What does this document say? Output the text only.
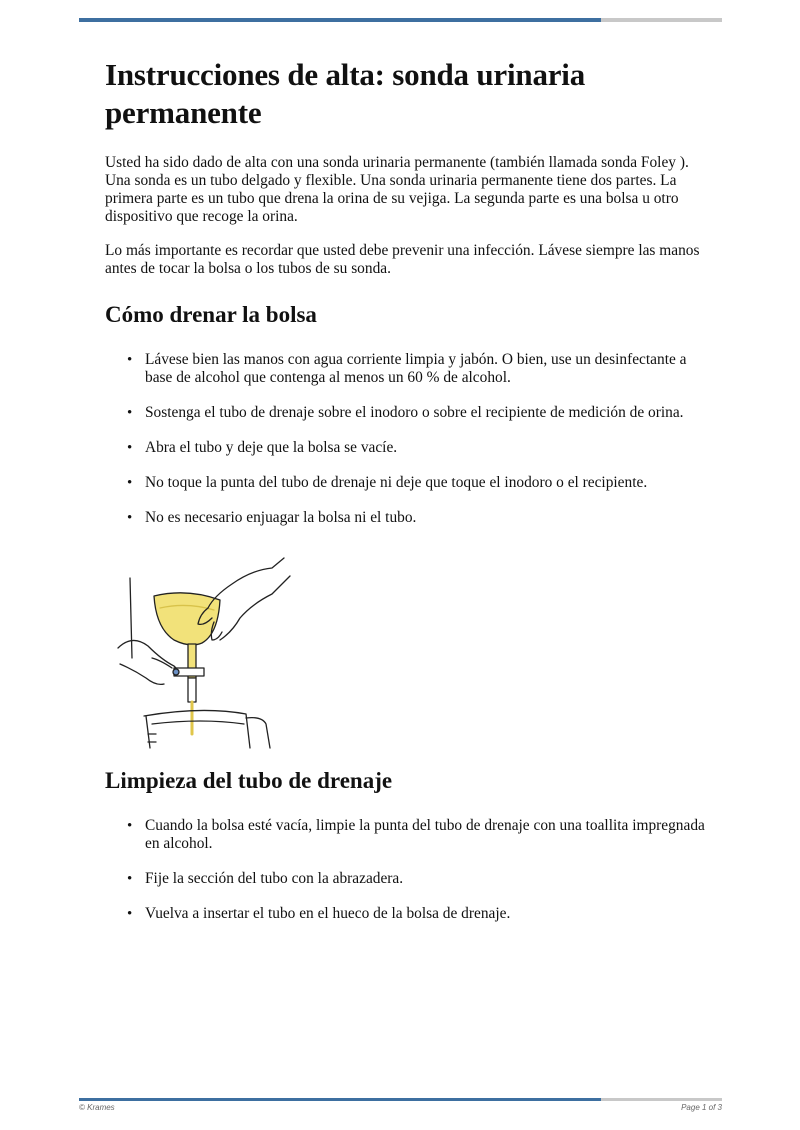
Instrucciones de alta: sonda urinaria permanente

Usted ha sido dado de alta con una sonda urinaria permanente (también llamada sonda Foley ). Una sonda es un tubo delgado y flexible. Una sonda urinaria permanente tiene dos partes. La primera parte es un tubo que drena la orina de su vejiga. La segunda parte es una bolsa u otro dispositivo que recoge la orina.

Lo más importante es recordar que usted debe prevenir una infección. Lávese siempre las manos antes de tocar la bolsa o los tubos de su sonda.

Cómo drenar la bolsa
• Lávese bien las manos con agua corriente limpia y jabón. O bien, use un desinfectante a base de alcohol que contenga al menos un 60 % de alcohol.
• Sostenga el tubo de drenaje sobre el inodoro o sobre el recipiente de medición de orina.
• Abra el tubo y deje que la bolsa se vacíe.
• No toque la punta del tubo de drenaje ni deje que toque el inodoro o el recipiente.
• No es necesario enjuagar la bolsa ni el tubo.
Limpieza del tubo de drenaje
• Cuando la bolsa esté vacía, limpie la punta del tubo de drenaje con una toallita impregnada en alcohol.
• Fije la sección del tubo con la abrazadera.
• Vuelva a insertar el tubo en el hueco de la bolsa de drenaje.
© Krames	Page 1 of 3
